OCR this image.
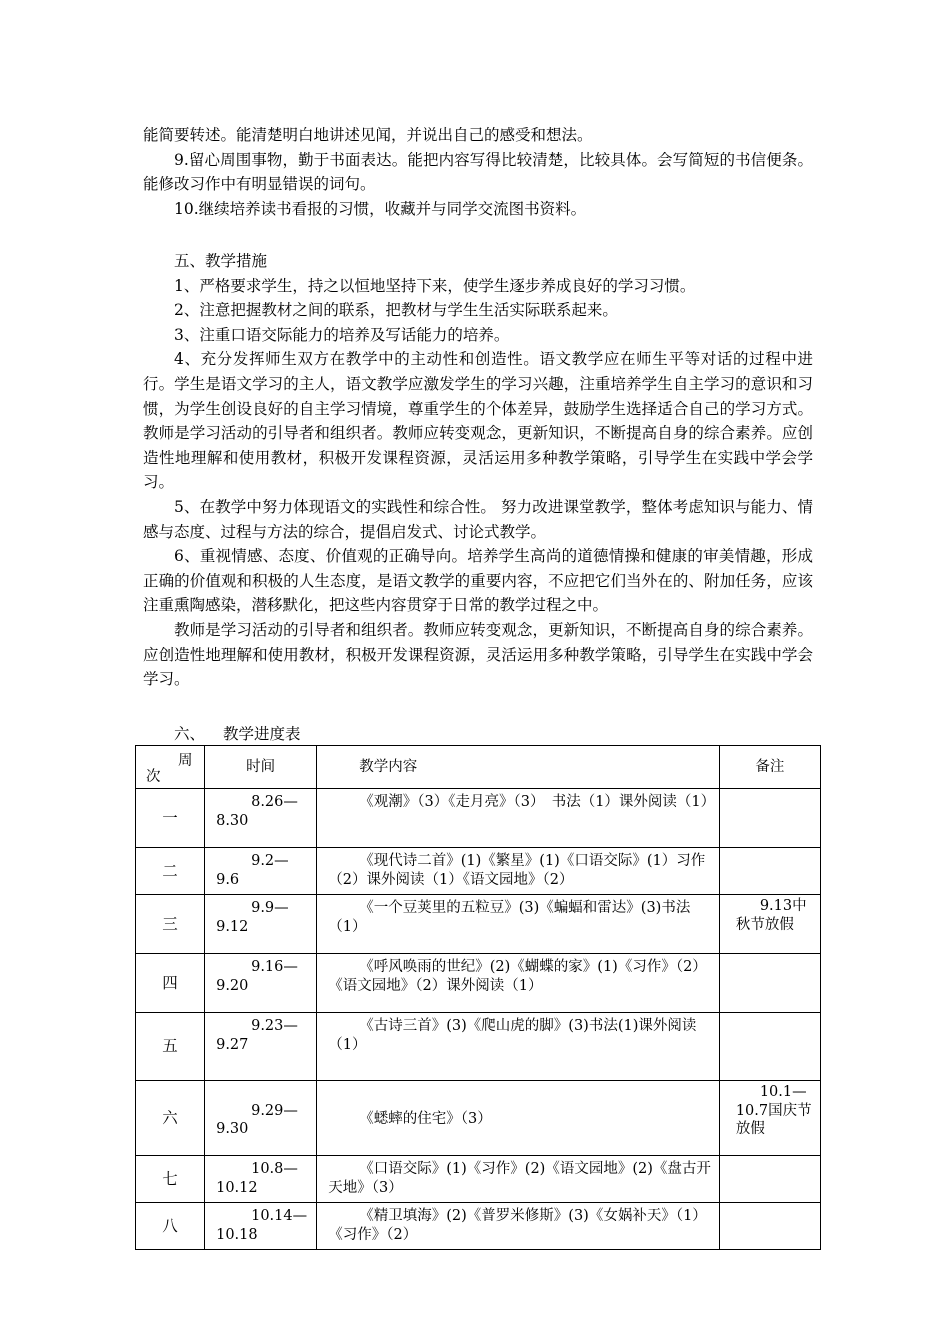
能简要转述。能清楚明白地讲述见闻，并说出自己的感受和想法。

9.留心周围事物，勤于书面表达。能把内容写得比较清楚，比较具体。会写简短的书信便条。能修改习作中有明显错误的词句。

10.继续培养读书看报的习惯，收藏并与同学交流图书资料。

五、教学措施

1、严格要求学生，持之以恒地坚持下来，使学生逐步养成良好的学习习惯。

2、注意把握教材之间的联系，把教材与学生生活实际联系起来。

3、注重口语交际能力的培养及写话能力的培养。

4、充分发挥师生双方在教学中的主动性和创造性。语文教学应在师生平等对话的过程中进行。学生是语文学习的主人，语文教学应激发学生的学习兴趣，注重培养学生自主学习的意识和习惯，为学生创设良好的自主学习情境，尊重学生的个体差异，鼓励学生选择适合自己的学习方式。 教师是学习活动的引导者和组织者。教师应转变观念，更新知识，不断提高自身的综合素养。应创造性地理解和使用教材，积极开发课程资源，灵活运用多种教学策略，引导学生在实践中学会学习。

5、在教学中努力体现语文的实践性和综合性。 努力改进课堂教学，整体考虑知识与能力、情感与态度、过程与方法的综合，提倡启发式、讨论式教学。

6、重视情感、态度、价值观的正确导向。培养学生高尚的道德情操和健康的审美情趣，形成正确的价值观和积极的人生态度，是语文教学的重要内容，不应把它们当外在的、附加任务，应该注重熏陶感染，潜移默化，把这些内容贯穿于日常的教学过程之中。

教师是学习活动的引导者和组织者。教师应转变观念，更新知识，不断提高自身的综合素养。应创造性地理解和使用教材，积极开发课程资源，灵活运用多种教学策略，引导学生在实践中学会学习。

六、 教学进度表
周
次	时间	教学内容	备注
一	8.26—
8.30	《观潮》（3）《走月亮》（3）　书法（1）课外阅读（1）	
二	9.2—
9.6	《现代诗二首》(1)《繁星》(1)《口语交际》(1）习作（2）课外阅读（1）《语文园地》（2）	
三	9.9—
9.12	《一个豆荚里的五粒豆》(3)《蝙蝠和雷达》(3)书法（1）	9.13中秋节放假
四	9.16—
9.20	《呼风唤雨的世纪》(2)《蝴蝶的家》(1)《习作》（2）《语文园地》（2）课外阅读（1）	
五	9.23—
9.27	《古诗三首》(3)《爬山虎的脚》(3)书法(1)课外阅读（1）	
六	9.29—
9.30	《蟋蟀的住宅》（3）	10.1—10.7国庆节放假
七	10.8—
10.12	《口语交际》(1)《习作》(2)《语文园地》(2)《盘古开天地》（3）	
八	10.14—
10.18	《精卫填海》(2)《普罗米修斯》(3)《女娲补天》（1）《习作》（2）	
